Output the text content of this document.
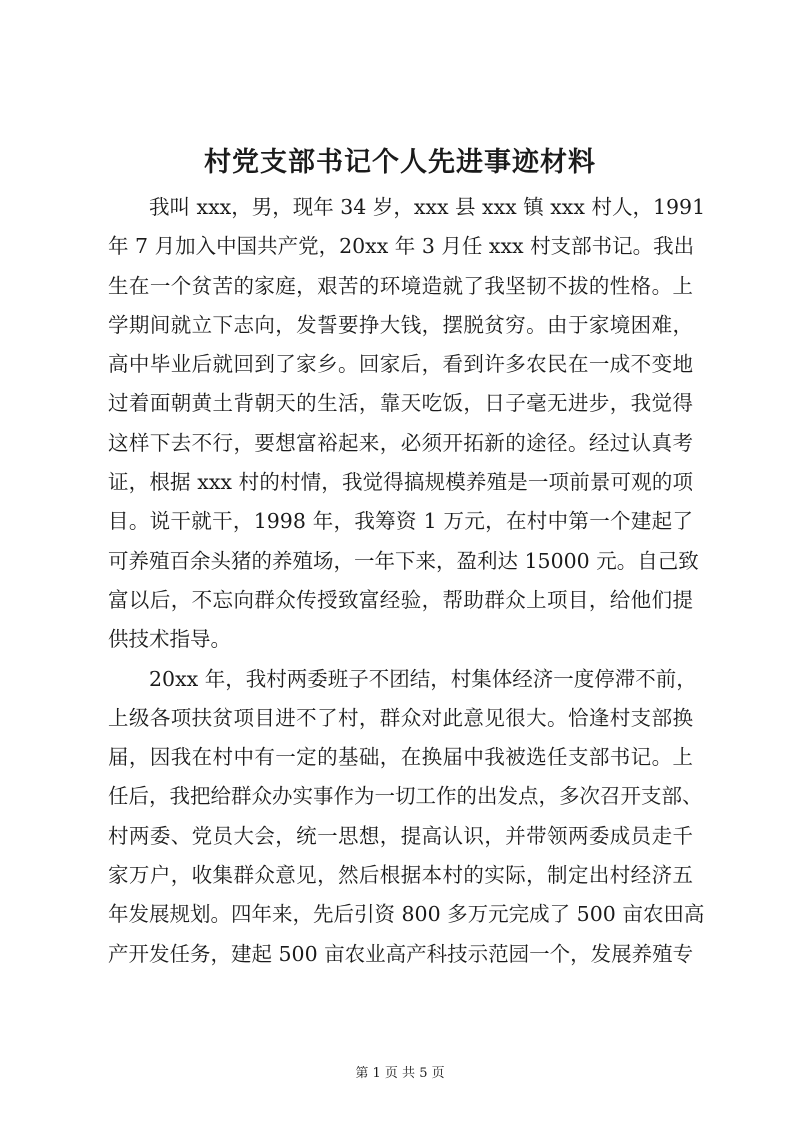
村党支部书记个人先进事迹材料
我叫 xxx，男，现年 34 岁，xxx 县 xxx 镇 xxx 村人，1991
年 7 月加入中国共产党，20xx 年 3 月任 xxx 村支部书记。我出
生在一个贫苦的家庭，艰苦的环境造就了我坚韧不拔的性格。上
学期间就立下志向，发誓要挣大钱，摆脱贫穷。由于家境困难，
高中毕业后就回到了家乡。回家后，看到许多农民在一成不变地
过着面朝黄土背朝天的生活，靠天吃饭，日子毫无进步，我觉得
这样下去不行，要想富裕起来，必须开拓新的途径。经过认真考
证，根据 xxx 村的村情，我觉得搞规模养殖是一项前景可观的项
目。说干就干，1998 年，我筹资 1 万元，在村中第一个建起了
可养殖百余头猪的养殖场，一年下来，盈利达 15000 元。自己致
富以后，不忘向群众传授致富经验，帮助群众上项目，给他们提
供技术指导。
20xx 年，我村两委班子不团结，村集体经济一度停滞不前，
上级各项扶贫项目进不了村，群众对此意见很大。恰逢村支部换
届，因我在村中有一定的基础，在换届中我被选任支部书记。上
任后，我把给群众办实事作为一切工作的出发点，多次召开支部、
村两委、党员大会，统一思想，提高认识，并带领两委成员走千
家万户，收集群众意见，然后根据本村的实际，制定出村经济五
年发展规划。四年来，先后引资 800 多万元完成了 500 亩农田高
产开发任务，建起 500 亩农业高产科技示范园一个，发展养殖专
第 1 页 共 5 页
